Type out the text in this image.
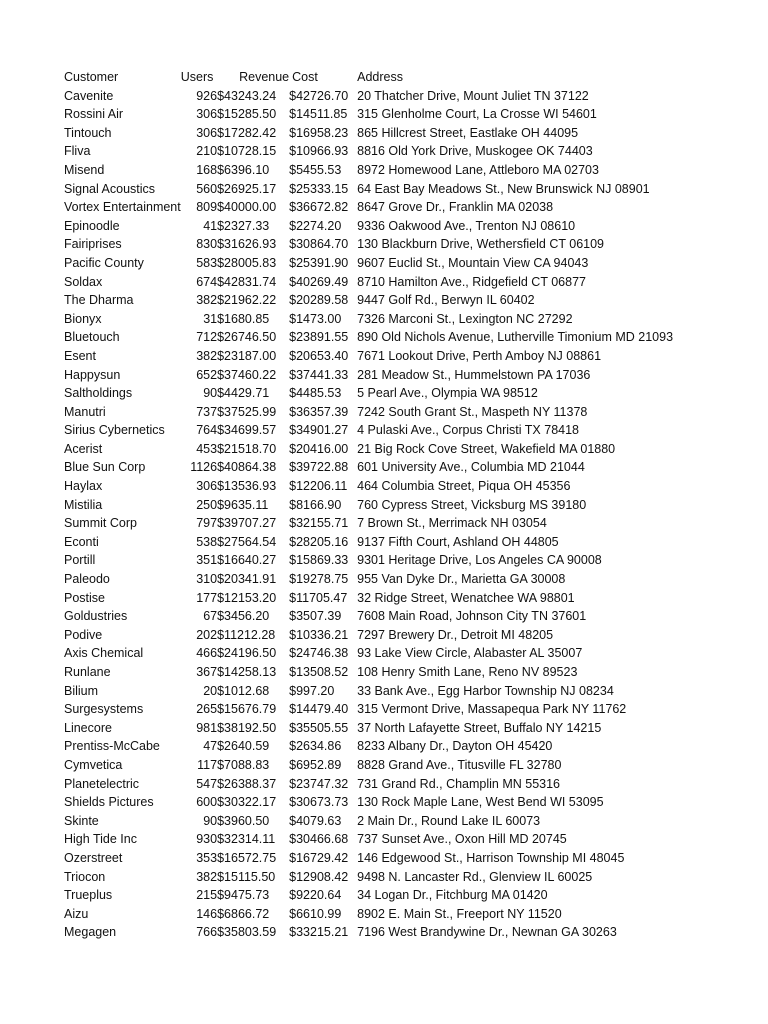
Customer	Users	Revenue	Cost	Address
Cavenite	926	$43243.24	$42726.70	20 Thatcher Drive, Mount Juliet TN 37122
Rossini Air	306	$15285.50	$14511.85	315 Glenholme Court, La Crosse WI 54601
Tintouch	306	$17282.42	$16958.23	865 Hillcrest Street, Eastlake OH 44095
Fliva	210	$10728.15	$10966.93	8816 Old York Drive, Muskogee OK 74403
Misend	168	$6396.10	$5455.53	8972 Homewood Lane, Attleboro MA 02703
Signal Acoustics	560	$26925.17	$25333.15	64 East Bay Meadows St., New Brunswick NJ 08901
Vortex Entertainment	809	$40000.00	$36672.82	8647 Grove Dr., Franklin MA 02038
Epinoodle	41	$2327.33	$2274.20	9336 Oakwood Ave., Trenton NJ 08610
Fairiprises	830	$31626.93	$30864.70	130 Blackburn Drive, Wethersfield CT 06109
Pacific County	583	$28005.83	$25391.90	9607 Euclid St., Mountain View CA 94043
Soldax	674	$42831.74	$40269.49	8710 Hamilton Ave., Ridgefield CT 06877
The Dharma	382	$21962.22	$20289.58	9447 Golf Rd., Berwyn IL 60402
Bionyx	31	$1680.85	$1473.00	7326 Marconi St., Lexington NC 27292
Bluetouch	712	$26746.50	$23891.55	890 Old Nichols Avenue, Lutherville Timonium MD 21093
Esent	382	$23187.00	$20653.40	7671 Lookout Drive, Perth Amboy NJ 08861
Happysun	652	$37460.22	$37441.33	281 Meadow St., Hummelstown PA 17036
Saltholdings	90	$4429.71	$4485.53	5 Pearl Ave., Olympia WA 98512
Manutri	737	$37525.99	$36357.39	7242 South Grant St., Maspeth NY 11378
Sirius Cybernetics	764	$34699.57	$34901.27	4 Pulaski Ave., Corpus Christi TX 78418
Acerist	453	$21518.70	$20416.00	21 Big Rock Cove Street, Wakefield MA 01880
Blue Sun Corp	1126	$40864.38	$39722.88	601 University Ave., Columbia MD 21044
Haylax	306	$13536.93	$12206.11	464 Columbia Street, Piqua OH 45356
Mistilia	250	$9635.11	$8166.90	760 Cypress Street, Vicksburg MS 39180
Summit Corp	797	$39707.27	$32155.71	7 Brown St., Merrimack NH 03054
Econti	538	$27564.54	$28205.16	9137 Fifth Court, Ashland OH 44805
Portill	351	$16640.27	$15869.33	9301 Heritage Drive, Los Angeles CA 90008
Paleodo	310	$20341.91	$19278.75	955 Van Dyke Dr., Marietta GA 30008
Postise	177	$12153.20	$11705.47	32 Ridge Street, Wenatchee WA 98801
Goldustries	67	$3456.20	$3507.39	7608 Main Road, Johnson City TN 37601
Podive	202	$11212.28	$10336.21	7297 Brewery Dr., Detroit MI 48205
Axis Chemical	466	$24196.50	$24746.38	93 Lake View Circle, Alabaster AL 35007
Runlane	367	$14258.13	$13508.52	108 Henry Smith Lane, Reno NV 89523
Bilium	20	$1012.68	$997.20	33 Bank Ave., Egg Harbor Township NJ 08234
Surgesystems	265	$15676.79	$14479.40	315 Vermont Drive, Massapequa Park NY 11762
Linecore	981	$38192.50	$35505.55	37 North Lafayette Street, Buffalo NY 14215
Prentiss-McCabe	47	$2640.59	$2634.86	8233 Albany Dr., Dayton OH 45420
Cymvetica	117	$7088.83	$6952.89	8828 Grand Ave., Titusville FL 32780
Planetelectric	547	$26388.37	$23747.32	731 Grand Rd., Champlin MN 55316
Shields Pictures	600	$30322.17	$30673.73	130 Rock Maple Lane, West Bend WI 53095
Skinte	90	$3960.50	$4079.63	2 Main Dr., Round Lake IL 60073
High Tide Inc	930	$32314.11	$30466.68	737 Sunset Ave., Oxon Hill MD 20745
Ozerstreet	353	$16572.75	$16729.42	146 Edgewood St., Harrison Township MI 48045
Triocon	382	$15115.50	$12908.42	9498 N. Lancaster Rd., Glenview IL 60025
Trueplus	215	$9475.73	$9220.64	34 Logan Dr., Fitchburg MA 01420
Aizu	146	$6866.72	$6610.99	8902 E. Main St., Freeport NY 11520
Megagen	766	$35803.59	$33215.21	7196 West Brandywine Dr., Newnan GA 30263
